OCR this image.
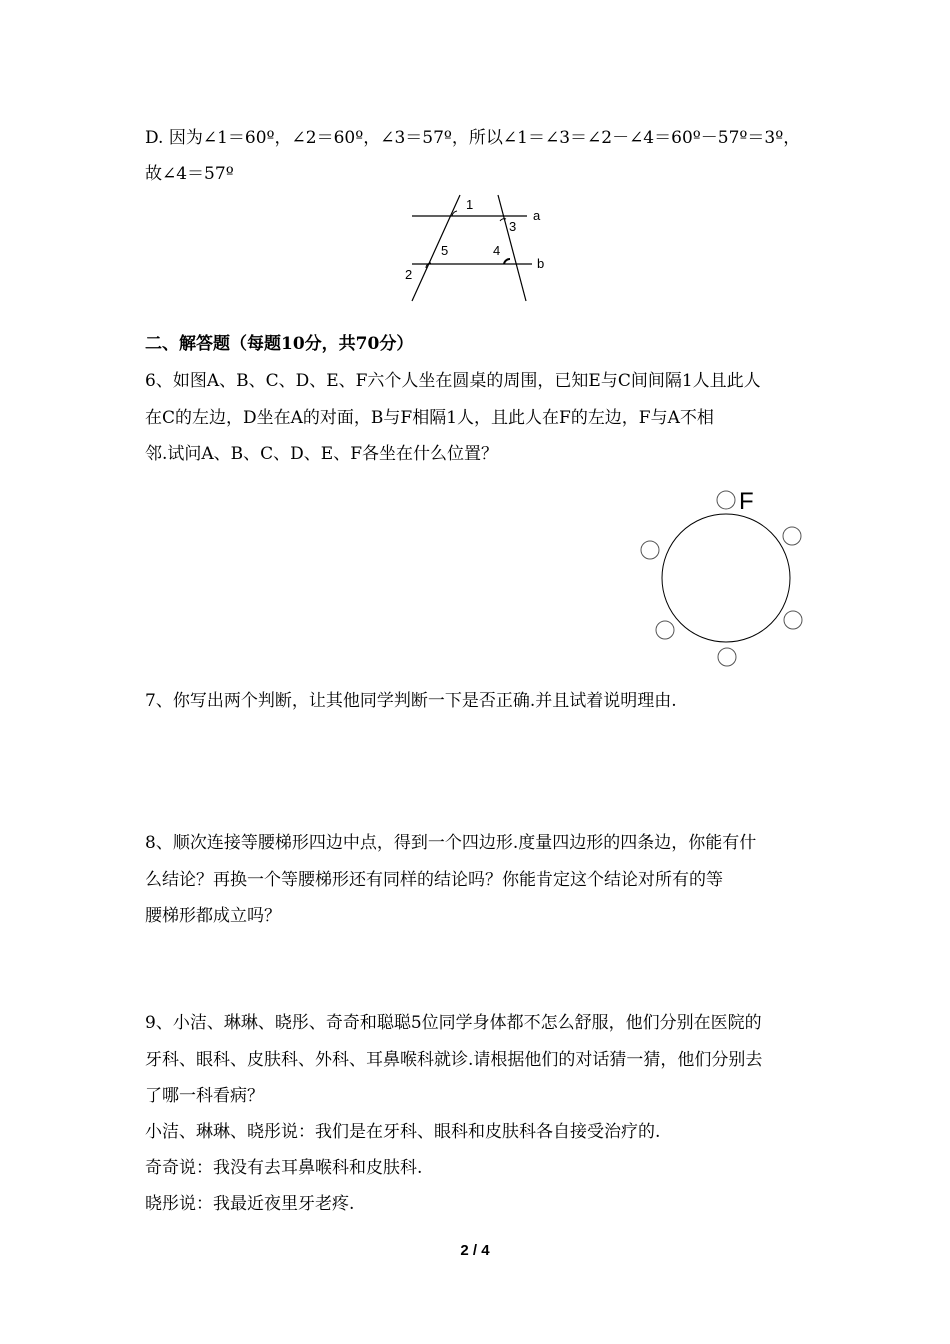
D. 因为∠1＝60º，∠2＝60º，∠3＝57º，所以∠1＝∠3＝∠2－∠4＝60º－57º＝3º，
故∠4＝57º
1
3
a
5	4
b
2
二、解答题（每题10分，共70分）
6、如图A、B、C、D、E、F六个人坐在圆桌的周围，已知E与C间间隔1人且此人
在C的左边，D坐在A的对面，B与F相隔1人，且此人在F的左边，F与A不相
邻.试问A、B、C、D、E、F各坐在什么位置？
F
7、你写出两个判断，让其他同学判断一下是否正确.并且试着说明理由.
8、顺次连接等腰梯形四边中点，得到一个四边形.度量四边形的四条边，你能有什
么结论？再换一个等腰梯形还有同样的结论吗？你能肯定这个结论对所有的等
腰梯形都成立吗？
9、小洁、琳琳、晓彤、奇奇和聪聪5位同学身体都不怎么舒服，他们分别在医院的
牙科、眼科、皮肤科、外科、耳鼻喉科就诊.请根据他们的对话猜一猜，他们分别去
了哪一科看病？
小洁、琳琳、晓彤说：我们是在牙科、眼科和皮肤科各自接受治疗的.
奇奇说：我没有去耳鼻喉科和皮肤科.
晓彤说：我最近夜里牙老疼.
2 / 4
